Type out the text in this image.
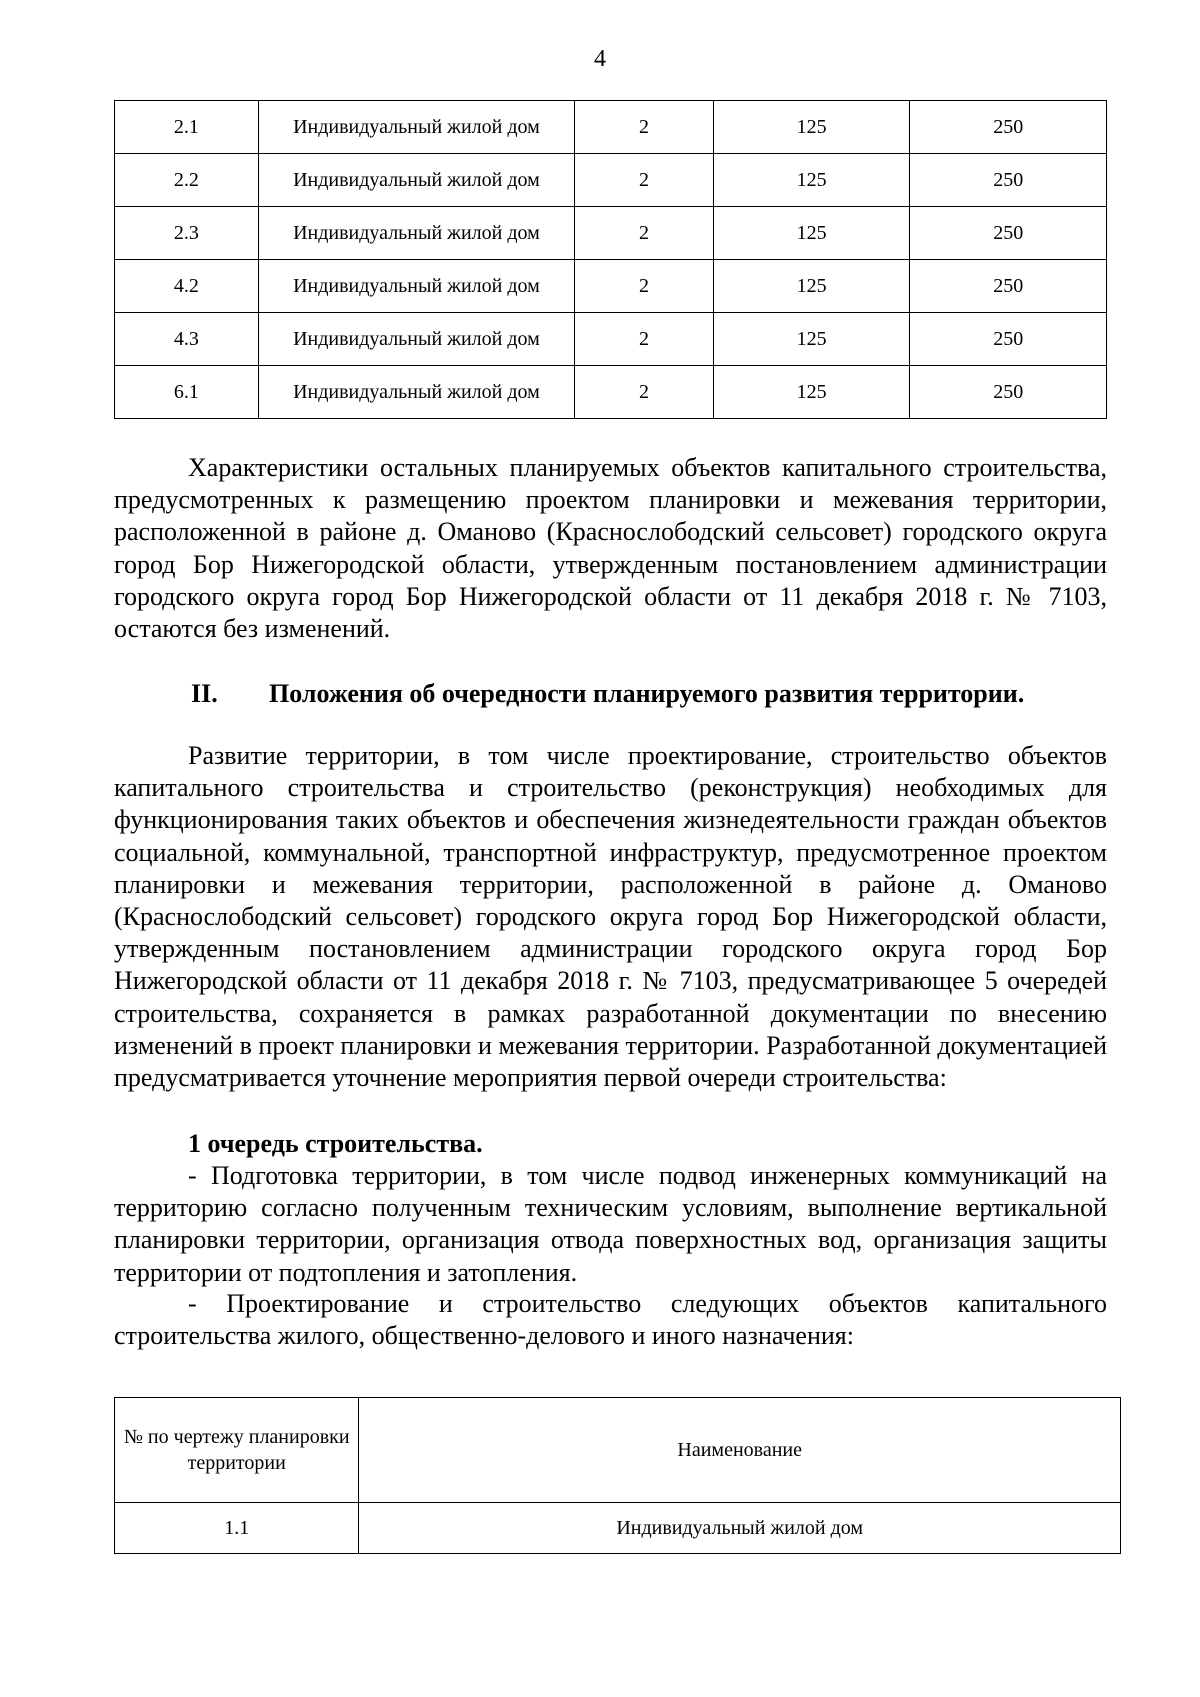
4
2.1	Индивидуальный жилой дом	2	125	250
2.2	Индивидуальный жилой дом	2	125	250
2.3	Индивидуальный жилой дом	2	125	250
4.2	Индивидуальный жилой дом	2	125	250
4.3	Индивидуальный жилой дом	2	125	250
6.1	Индивидуальный жилой дом	2	125	250

Характеристики остальных планируемых объектов капитального строительства, предусмотренных к размещению проектом планировки и межевания территории, расположенной в районе д. Оманово (Краснослободский сельсовет) городского округа город Бор Нижегородской области, утвержденным постановлением администрации городского округа город Бор Нижегородской области от 11 декабря 2018 г. № 7103, остаются без изменений.

II. Положения об очередности планируемого развития территории.

Развитие территории, в том числе проектирование, строительство объектов капитального строительства и строительство (реконструкция) необходимых для функционирования таких объектов и обеспечения жизнедеятельности граждан объектов социальной, коммунальной, транспортной инфраструктур, предусмотренное проектом планировки и межевания территории, расположенной в районе д. Оманово (Краснослободский сельсовет) городского округа город Бор Нижегородской области, утвержденным постановлением администрации городского округа город Бор Нижегородской области от 11 декабря 2018 г. № 7103, предусматривающее 5 очередей строительства, сохраняется в рамках разработанной документации по внесению изменений в проект планировки и межевания территории. Разработанной документацией предусматривается уточнение мероприятия первой очереди строительства:

1 очередь строительства.

- Подготовка территории, в том числе подвод инженерных коммуникаций на территорию согласно полученным техническим условиям, выполнение вертикальной планировки территории, организация отвода поверхностных вод, организация защиты территории от подтопления и затопления.

- Проектирование и строительство следующих объектов капитального строительства жилого, общественно-делового и иного назначения:

№ по чертежу планировки территории	Наименование
1.1	Индивидуальный жилой дом
